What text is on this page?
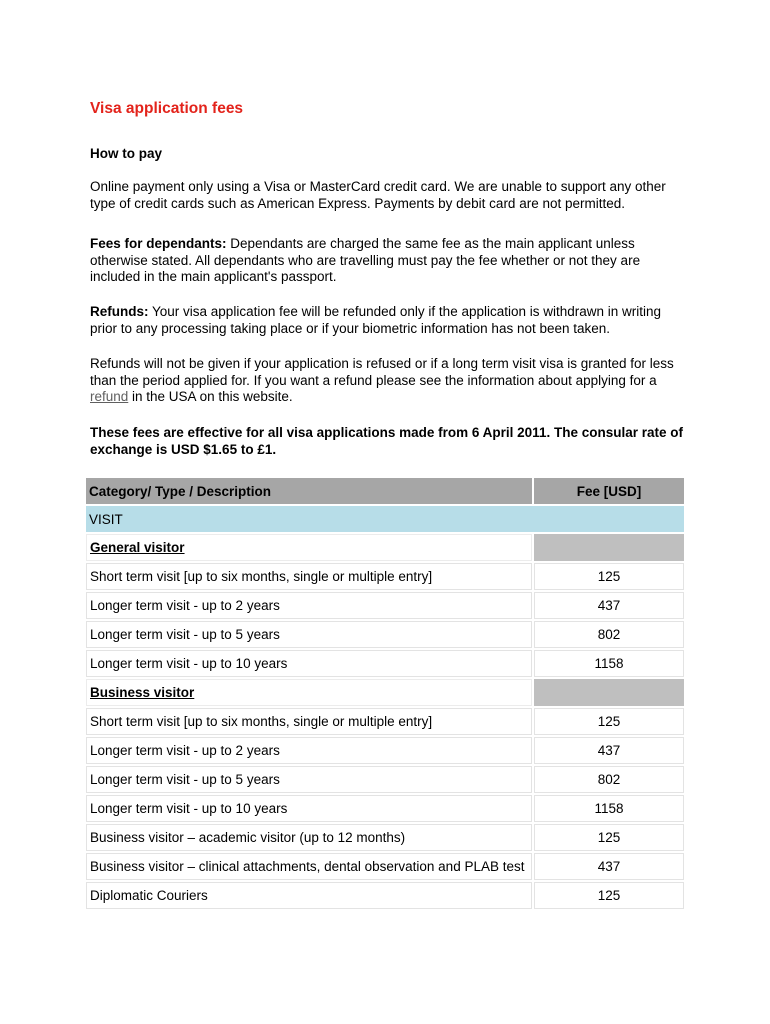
Visa application fees
How to pay

Online payment only using a Visa or MasterCard credit card. We are unable to support any other type of credit cards such as American Express. Payments by debit card are not permitted.

Fees for dependants: Dependants are charged the same fee as the main applicant unless otherwise stated. All dependants who are travelling must pay the fee whether or not they are included in the main applicant's passport.

Refunds: Your visa application fee will be refunded only if the application is withdrawn in writing prior to any processing taking place or if your biometric information has not been taken.

Refunds will not be given if your application is refused or if a long term visit visa is granted for less than the period applied for. If you want a refund please see the information about applying for a refund in the USA on this website.

These fees are effective for all visa applications made from 6 April 2011. The consular rate of exchange is USD $1.65 to £1.

Category/ Type / Description	Fee [USD]
VISIT	
General visitor	
Short term visit [up to six months, single or multiple entry]	125
Longer term visit - up to 2 years	437
Longer term visit - up to 5 years	802
Longer term visit - up to 10 years	1158
Business visitor	
Short term visit [up to six months, single or multiple entry]	125
Longer term visit - up to 2 years	437
Longer term visit - up to 5 years	802
Longer term visit - up to 10 years	1158
Business visitor – academic visitor (up to 12 months)	125
Business visitor – clinical attachments, dental observation and PLAB test	437
Diplomatic Couriers	125
